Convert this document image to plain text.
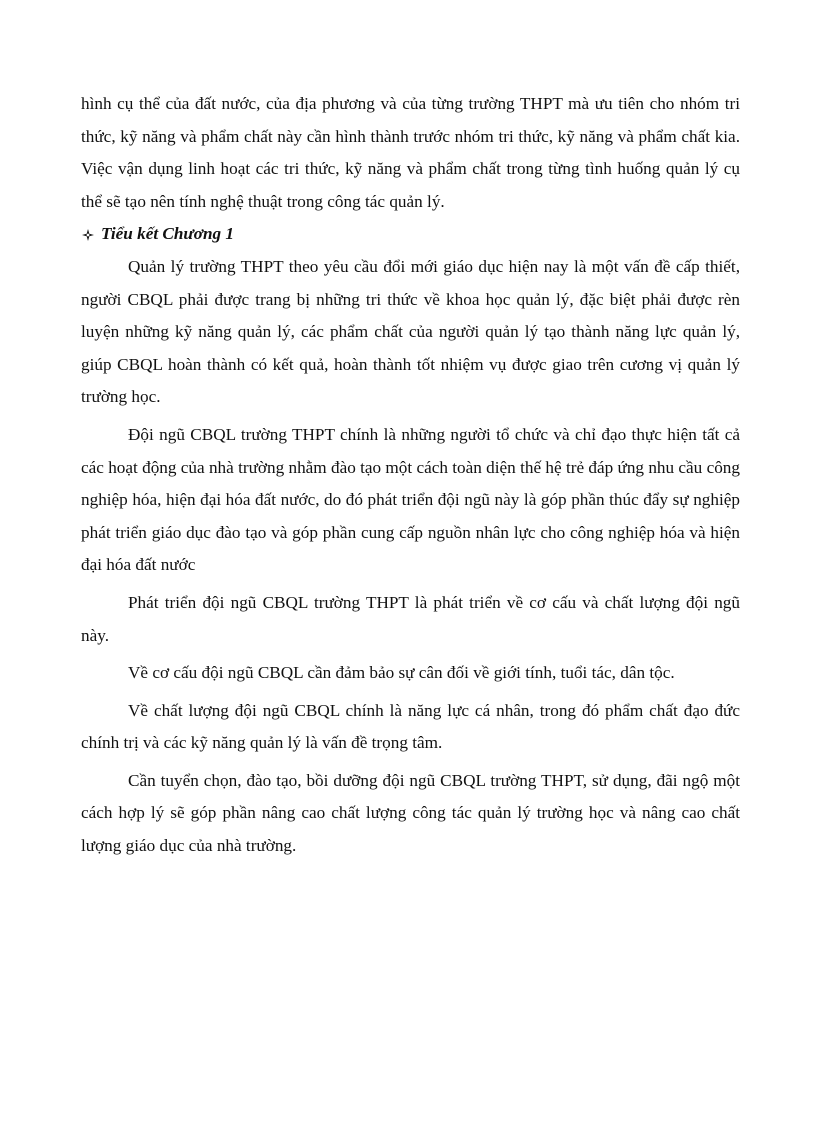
hình cụ thể của đất nước, của địa phương và của từng trường THPT mà ưu tiên cho nhóm tri thức, kỹ năng và phẩm chất này cần hình thành trước nhóm tri thức, kỹ năng và phẩm chất kia. Việc vận dụng linh hoạt các tri thức, kỹ năng và phẩm chất trong từng tình huống quản lý cụ thể sẽ tạo nên tính nghệ thuật trong công tác quản lý.

Tiểu kết Chương 1

Quản lý trường THPT theo yêu cầu đổi mới giáo dục hiện nay là một vấn đề cấp thiết, người CBQL phải được trang bị những tri thức về khoa học quản lý, đặc biệt phải được rèn luyện những kỹ năng quản lý, các phẩm chất của người quản lý tạo thành năng lực quản lý, giúp CBQL hoàn thành có kết quả, hoàn thành tốt nhiệm vụ được giao trên cương vị quản lý trường học.

Đội ngũ CBQL trường THPT chính là những người tổ chức và chỉ đạo thực hiện tất cả các hoạt động của nhà trường nhằm đào tạo một cách toàn diện thế hệ trẻ đáp ứng nhu cầu công nghiệp hóa, hiện đại hóa đất nước, do đó phát triển đội ngũ này là góp phần thúc đẩy sự nghiệp phát triển giáo dục đào tạo và góp phần cung cấp nguồn nhân lực cho công nghiệp hóa và hiện đại hóa đất nước

Phát triển đội ngũ CBQL trường THPT là phát triển về cơ cấu và chất lượng đội ngũ này.

Về cơ cấu đội ngũ CBQL cần đảm bảo sự cân đối về giới tính, tuổi tác, dân tộc.

Về chất lượng đội ngũ CBQL chính là năng lực cá nhân, trong đó phẩm chất đạo đức chính trị và các kỹ năng quản lý là vấn đề trọng tâm.

Cần tuyển chọn, đào tạo, bồi dưỡng đội ngũ CBQL trường THPT, sử dụng, đãi ngộ một cách hợp lý sẽ góp phần nâng cao chất lượng công tác quản lý trường học và nâng cao chất lượng giáo dục của nhà trường.
